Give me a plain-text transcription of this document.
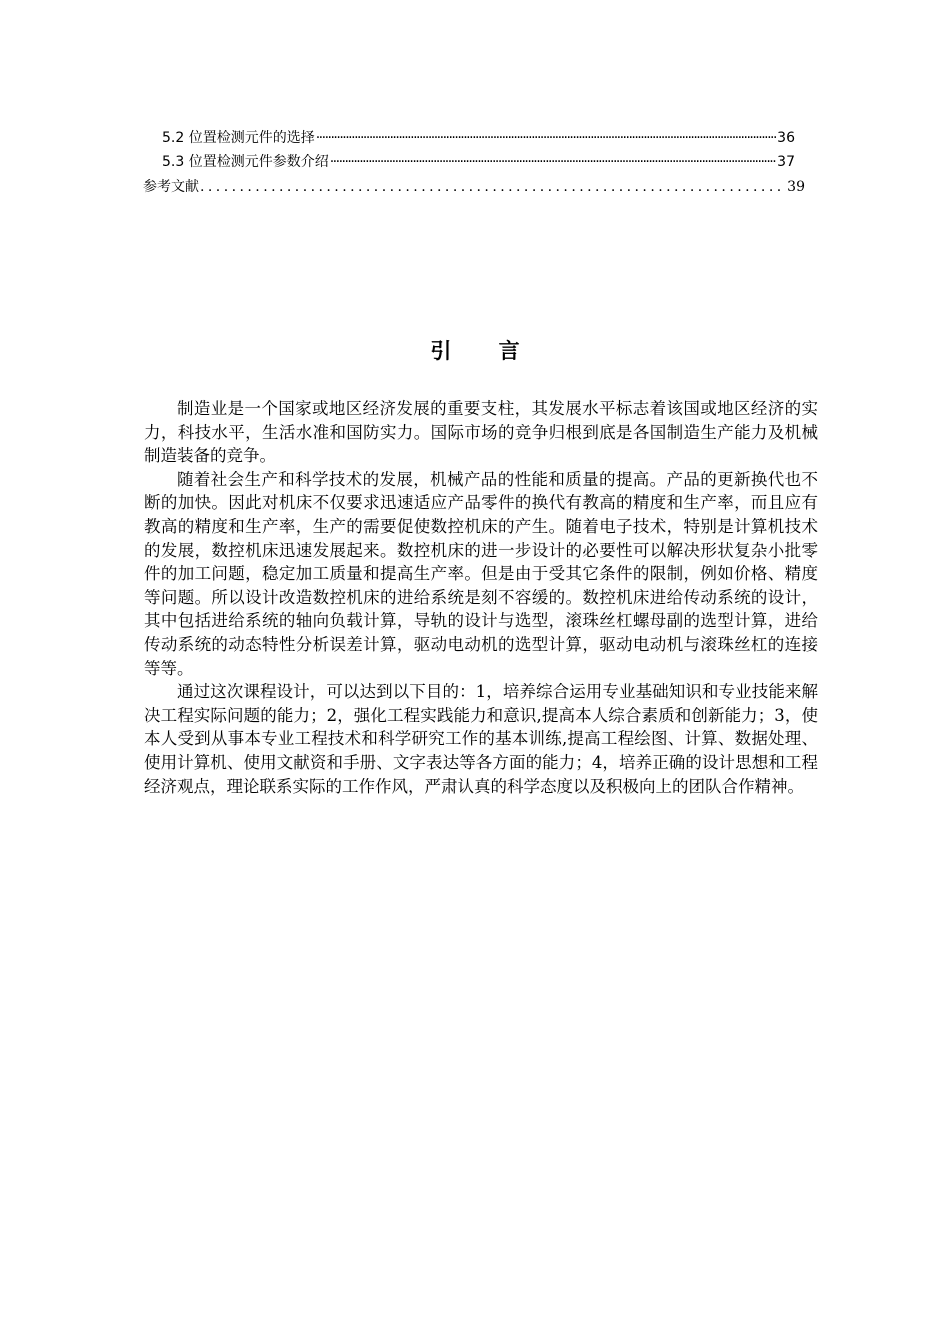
5.2 位置检测元件的选择 ·····	36
5.3 位置检测元件参数介绍 ·····	37
参考文献 . . .	39
引 言

制造业是一个国家或地区经济发展的重要支柱，其发展水平标志着该国或地区经济的实力，科技水平，生活水准和国防实力。国际市场的竞争归根到底是各国制造生产能力及机械制造装备的竞争。

随着社会生产和科学技术的发展，机械产品的性能和质量的提高。产品的更新换代也不断的加快。因此对机床不仅要求迅速适应产品零件的换代有教高的精度和生产率，而且应有教高的精度和生产率，生产的需要促使数控机床的产生。随着电子技术，特别是计算机技术的发展，数控机床迅速发展起来。数控机床的进一步设计的必要性可以解决形状复杂小批零件的加工问题，稳定加工质量和提高生产率。但是由于受其它条件的限制，例如价格、精度等问题。所以设计改造数控机床的进给系统是刻不容缓的。数控机床进给传动系统的设计，其中包括进给系统的轴向负载计算，导轨的设计与选型，滚珠丝杠螺母副的选型计算，进给传动系统的动态特性分析误差计算，驱动电动机的选型计算，驱动电动机与滚珠丝杠的连接等等。

通过这次课程设计，可以达到以下目的：1，培养综合运用专业基础知识和专业技能来解决工程实际问题的能力；2，强化工程实践能力和意识,提高本人综合素质和创新能力；3，使本人受到从事本专业工程技术和科学研究工作的基本训练,提高工程绘图、计算、数据处理、使用计算机、使用文献资和手册、文字表达等各方面的能力；4，培养正确的设计思想和工程经济观点，理论联系实际的工作作风，严肃认真的科学态度以及积极向上的团队合作精神。
